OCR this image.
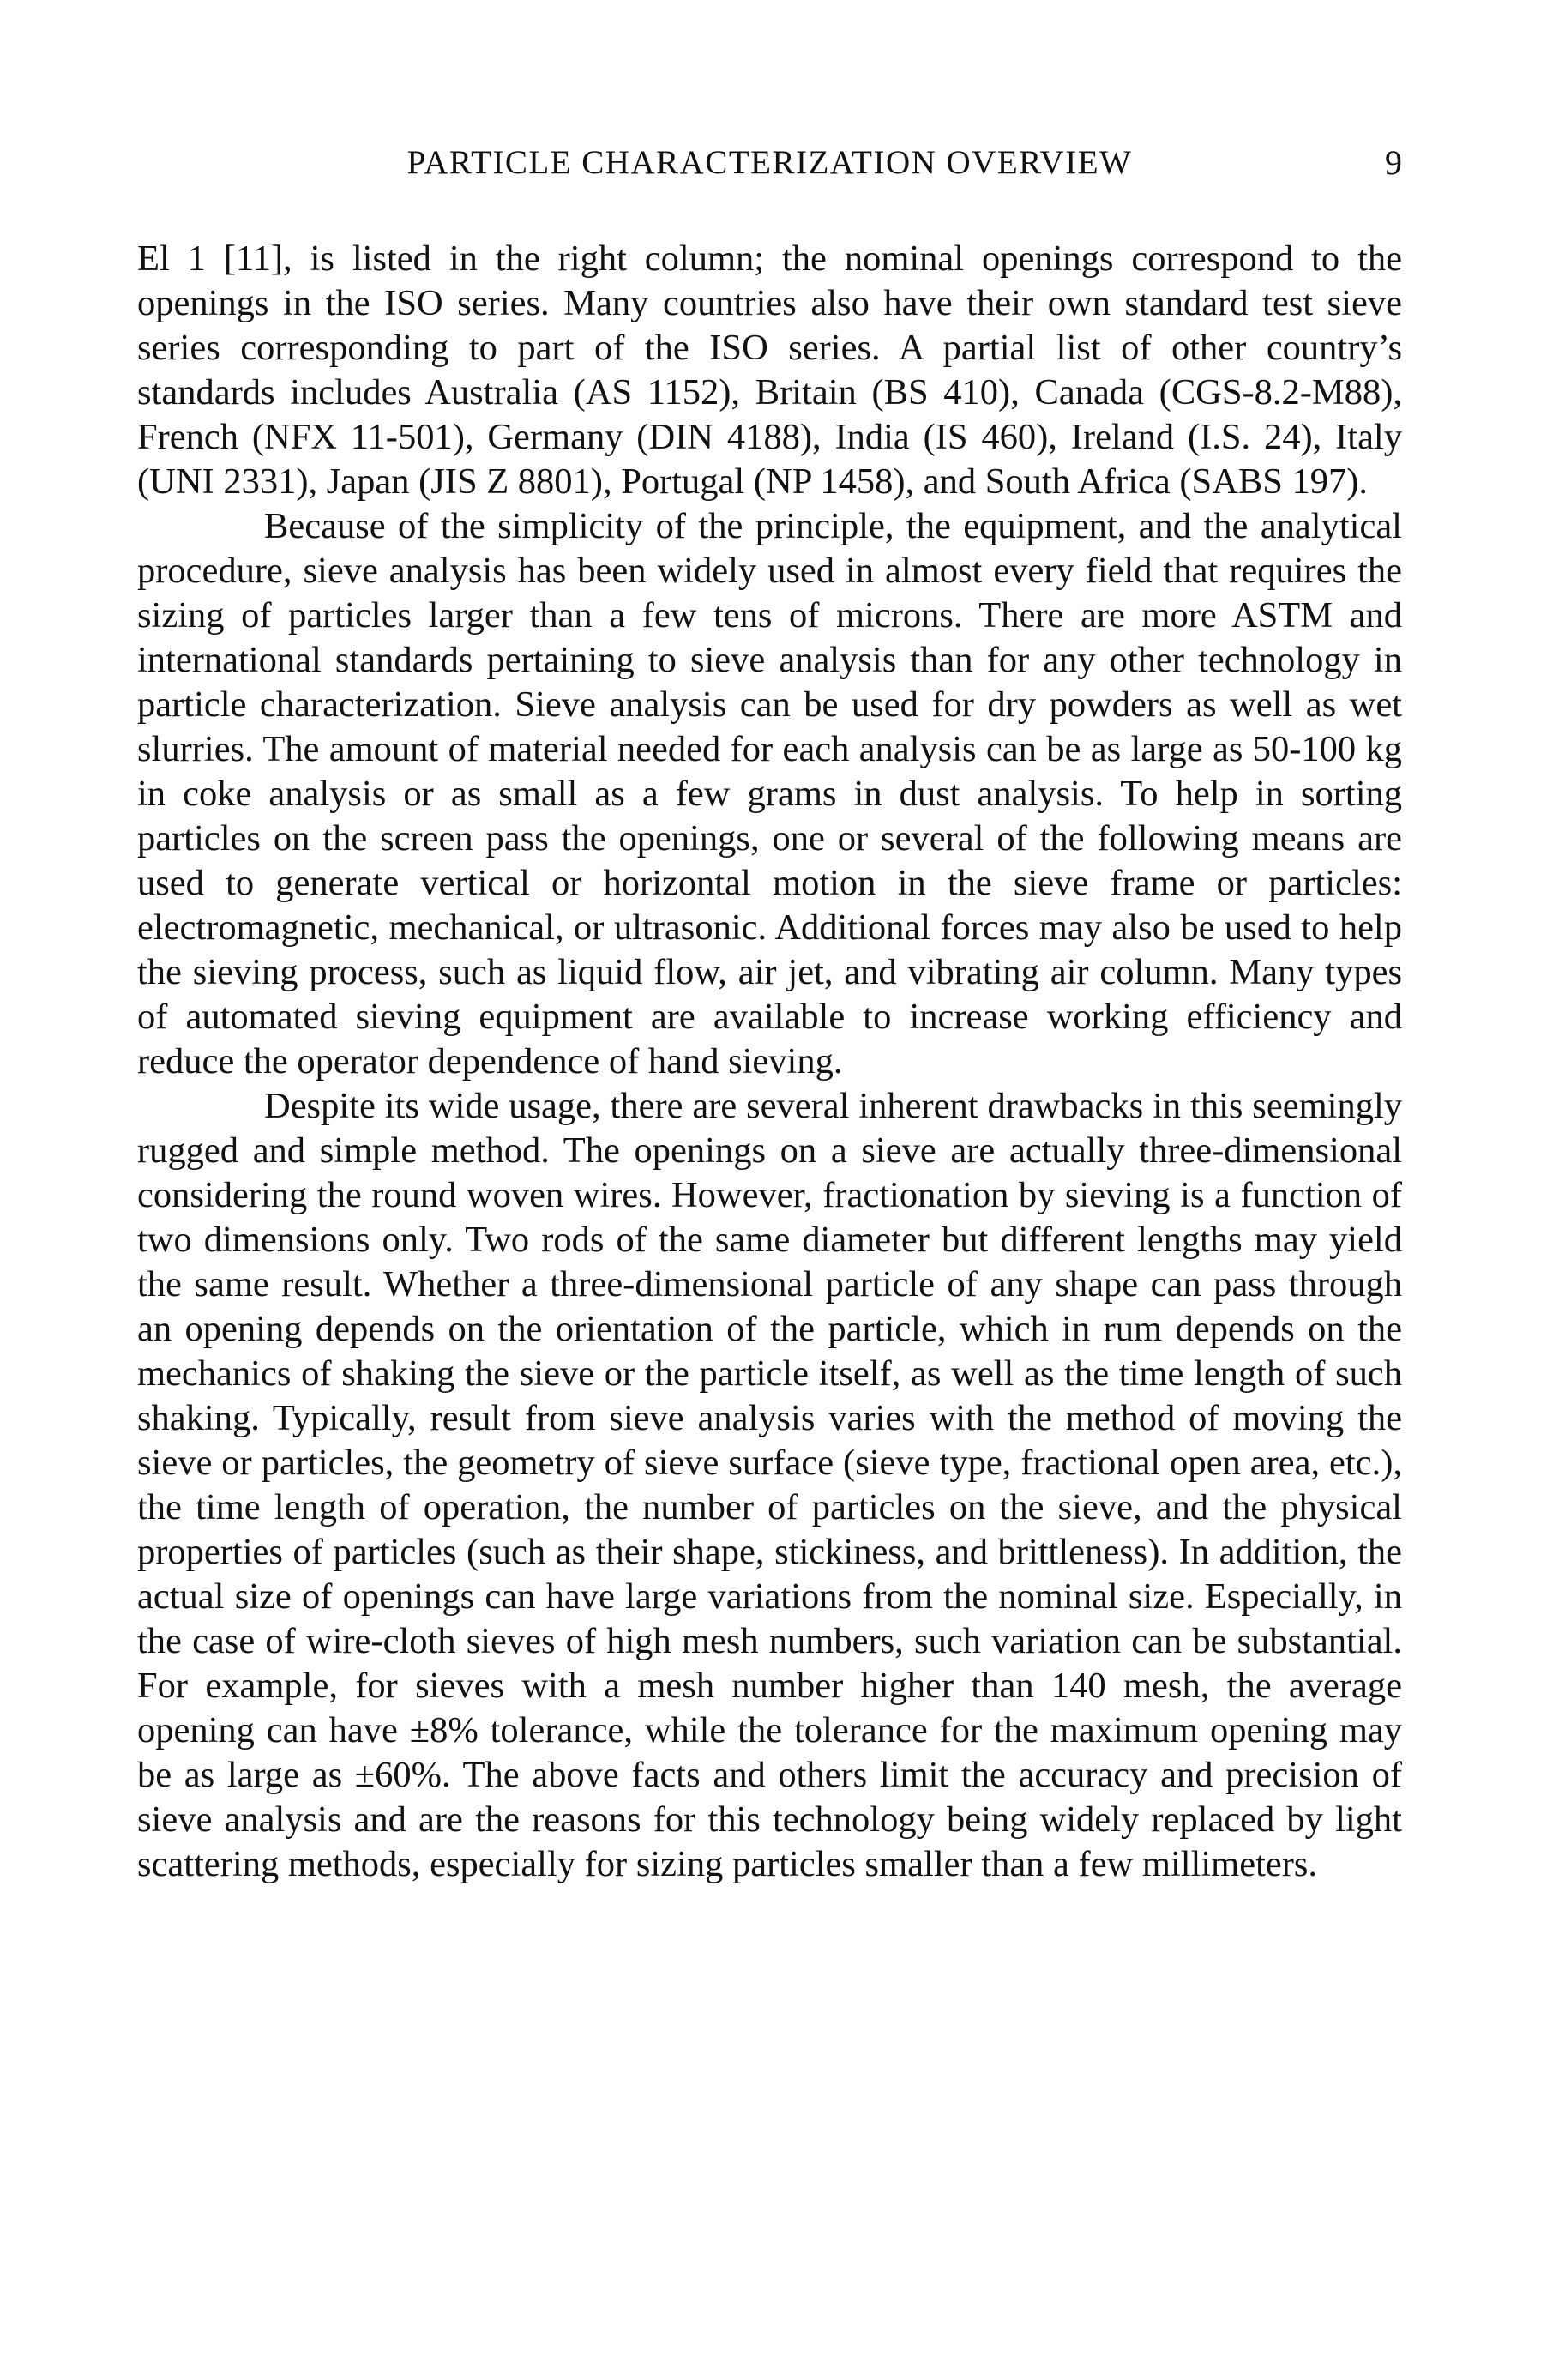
PARTICLE CHARACTERIZATION OVERVIEW	9

El 1 [11], is listed in the right column; the nominal openings correspond to the openings in the ISO series. Many countries also have their own standard test sieve series corresponding to part of the ISO series. A partial list of other country’s standards includes Australia (AS 1152), Britain (BS 410), Canada (CGS-8.2-M88), French (NFX 11-501), Germany (DIN 4188), India (IS 460), Ireland (I.S. 24), Italy (UNI 2331), Japan (JIS Z 8801), Portugal (NP 1458), and South Africa (SABS 197).

Because of the simplicity of the principle, the equipment, and the analytical procedure, sieve analysis has been widely used in almost every field that requires the sizing of particles larger than a few tens of microns. There are more ASTM and international standards pertaining to sieve analysis than for any other technology in particle characterization. Sieve analysis can be used for dry powders as well as wet slurries. The amount of material needed for each analysis can be as large as 50-100 kg in coke analysis or as small as a few grams in dust analysis. To help in sorting particles on the screen pass the openings, one or several of the following means are used to generate vertical or horizontal motion in the sieve frame or particles: electromagnetic, mechanical, or ultrasonic. Additional forces may also be used to help the sieving process, such as liquid flow, air jet, and vibrating air column. Many types of automated sieving equipment are available to increase working efficiency and reduce the operator dependence of hand sieving.

Despite its wide usage, there are several inherent drawbacks in this seemingly rugged and simple method. The openings on a sieve are actually three-dimensional considering the round woven wires. However, fractionation by sieving is a function of two dimensions only. Two rods of the same diameter but different lengths may yield the same result. Whether a three-dimensional particle of any shape can pass through an opening depends on the orientation of the particle, which in rum depends on the mechanics of shaking the sieve or the particle itself, as well as the time length of such shaking. Typically, result from sieve analysis varies with the method of moving the sieve or particles, the geometry of sieve surface (sieve type, fractional open area, etc.), the time length of operation, the number of particles on the sieve, and the physical properties of particles (such as their shape, stickiness, and brittleness). In addition, the actual size of openings can have large variations from the nominal size. Especially, in the case of wire-cloth sieves of high mesh numbers, such variation can be substantial. For example, for sieves with a mesh number higher than 140 mesh, the average opening can have ±8% tolerance, while the tolerance for the maximum opening may be as large as ±60%. The above facts and others limit the accuracy and precision of sieve analysis and are the reasons for this technology being widely replaced by light scattering methods, especially for sizing particles smaller than a few millimeters.
